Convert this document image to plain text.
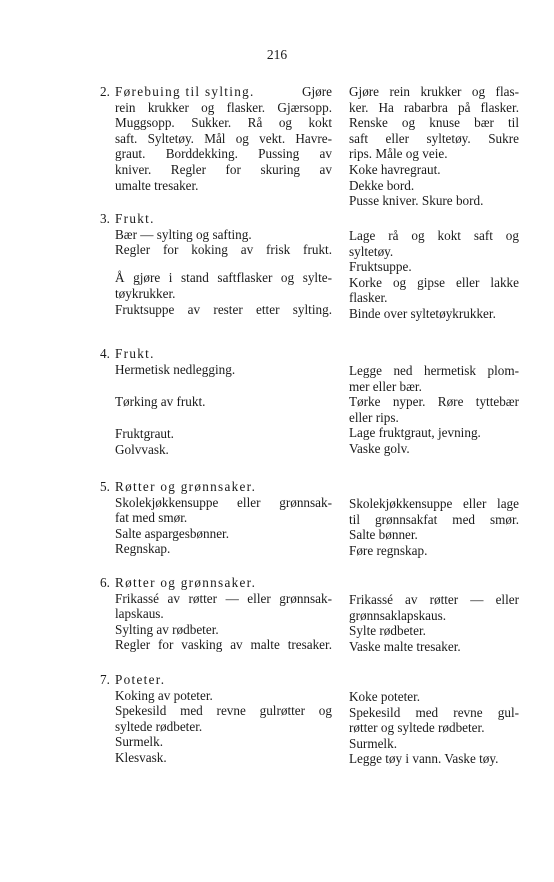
216
2. Førebuing til sylting.	Gjøre
rein krukker og flasker. Gjærsopp.
Muggsopp. Sukker. Rå og kokt
saft. Syltetøy. Mål og vekt. Havre-
graut. Borddekking. Pussing av
kniver. Regler for skuring av
umalte tresaker.
Gjøre rein krukker og flas-
ker. Ha rabarbra på flasker.
Renske og knuse bær til
saft eller syltetøy. Sukre
rips. Måle og veie.
Koke havregraut.
Dekke bord.
Pusse kniver. Skure bord.
3. Frukt.
Bær — sylting og safting.
Regler for koking av frisk frukt.
Å gjøre i stand saftflasker og sylte-
tøykrukker.
Fruktsuppe av rester etter sylting.
Lage rå og kokt saft og
syltetøy.
Fruktsuppe.
Korke og gipse eller lakke
flasker.
Binde over syltetøykrukker.
4. Frukt.
Hermetisk nedlegging.
Tørking av frukt.
Fruktgraut.
Golvvask.
Legge ned hermetisk plom-
mer eller bær.
Tørke nyper. Røre tyttebær
eller rips.
Lage fruktgraut, jevning.
Vaske golv.
5. Røtter og grønnsaker.
Skolekjøkkensuppe eller grønnsak-
fat med smør.
Salte aspargesbønner.
Regnskap.
Skolekjøkkensuppe eller lage
til grønnsakfat med smør.
Salte bønner.
Føre regnskap.
6. Røtter og grønnsaker.
Frikassé av røtter — eller grønnsak-
lapskaus.
Sylting av rødbeter.
Regler for vasking av malte tresaker.
Frikassé av røtter — eller
grønnsaklapskaus.
Sylte rødbeter.
Vaske malte tresaker.
7. Poteter.
Koking av poteter.
Spekesild med revne gulrøtter og
syltede rødbeter.
Surmelk.
Klesvask.
Koke poteter.
Spekesild med revne gul-
røtter og syltede rødbeter.
Surmelk.
Legge tøy i vann. Vaske tøy.
